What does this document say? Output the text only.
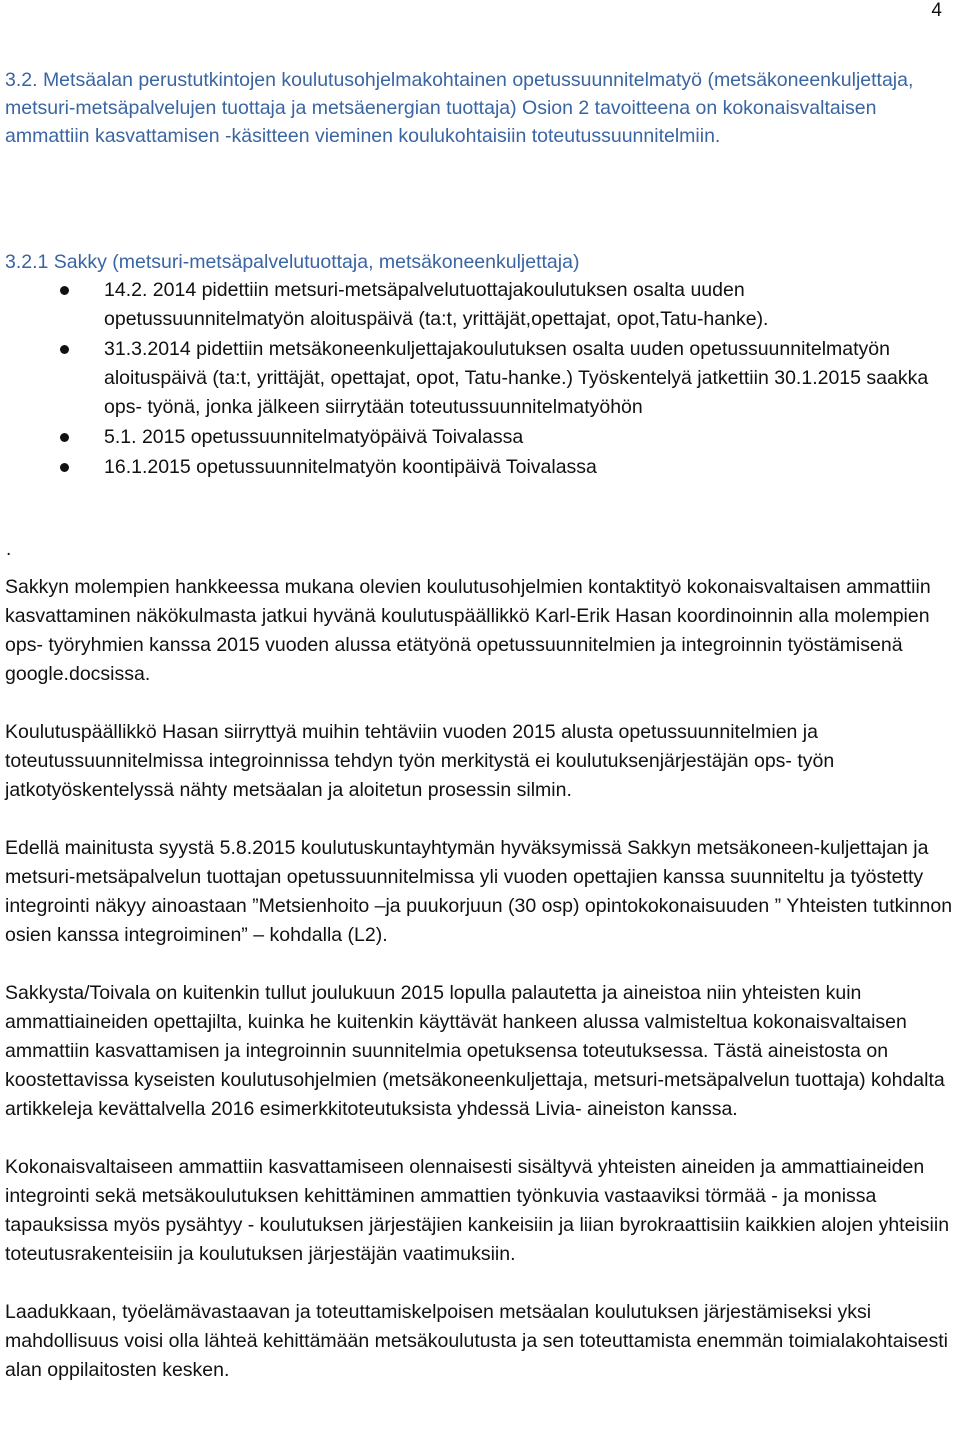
4
3.2. Metsäalan perustutkintojen koulutusohjelmakohtainen opetussuunnitelmatyö (metsäkoneenkuljettaja, metsuri-metsäpalvelujen tuottaja ja metsäenergian tuottaja) Osion 2 tavoitteena on kokonaisvaltaisen ammattiin kasvattamisen -käsitteen vieminen koulukohtaisiin toteutussuunnitelmiin.
3.2.1 Sakky (metsuri-metsäpalvelutuottaja, metsäkoneenkuljettaja)
14.2. 2014 pidettiin metsuri-metsäpalvelutuottajakoulutuksen osalta uuden opetussuunnitelmatyön aloituspäivä (ta:t, yrittäjät,opettajat, opot,Tatu-hanke).
31.3.2014 pidettiin metsäkoneenkuljettajakoulutuksen osalta uuden opetussuunnitelmatyön aloituspäivä (ta:t, yrittäjät, opettajat, opot, Tatu-hanke.) Työskentelyä jatkettiin 30.1.2015 saakka ops- työnä, jonka jälkeen siirrytään toteutussuunnitelmatyöhön
5.1. 2015 opetussuunnitelmatyöpäivä Toivalassa
16.1.2015 opetussuunnitelmatyön koontipäivä Toivalassa
.

Sakkyn molempien hankkeessa mukana olevien koulutusohjelmien kontaktityö kokonaisvaltaisen ammattiin kasvattaminen näkökulmasta jatkui hyvänä koulutuspäällikkö Karl-Erik Hasan koordinoinnin alla molempien ops- työryhmien kanssa 2015 vuoden alussa etätyönä opetussuunnitelmien ja integroinnin työstämisenä google.docsissa.

Koulutuspäällikkö Hasan siirryttyä muihin tehtäviin vuoden 2015 alusta opetussuunnitelmien ja toteutussuunnitelmissa integroinnissa tehdyn työn merkitystä ei koulutuksenjärjestäjän ops- työn jatkotyöskentelyssä nähty metsäalan ja aloitetun prosessin silmin.

Edellä mainitusta syystä 5.8.2015 koulutuskuntayhtymän hyväksymissä Sakkyn metsäkoneen-kuljettajan ja metsuri-metsäpalvelun tuottajan opetussuunnitelmissa yli vuoden opettajien kanssa suunniteltu ja työstetty integrointi näkyy ainoastaan ”Metsienhoito –ja puukorjuun (30 osp) opintokokonaisuuden ” Yhteisten tutkinnon osien kanssa integroiminen” – kohdalla (L2).

Sakkysta/Toivala on kuitenkin tullut joulukuun 2015 lopulla palautetta ja aineistoa niin yhteisten kuin ammattiaineiden opettajilta, kuinka he kuitenkin käyttävät hankeen alussa valmisteltua kokonaisvaltaisen ammattiin kasvattamisen ja integroinnin suunnitelmia opetuksensa toteutuksessa. Tästä aineistosta on koostettavissa kyseisten koulutusohjelmien (metsäkoneenkuljettaja, metsuri-metsäpalvelun tuottaja) kohdalta artikkeleja kevättalvella 2016 esimerkkitoteutuksista yhdessä Livia- aineiston kanssa.

Kokonaisvaltaiseen ammattiin kasvattamiseen olennaisesti sisältyvä yhteisten aineiden ja ammattiaineiden integrointi sekä metsäkoulutuksen kehittäminen ammattien työnkuvia vastaaviksi törmää - ja monissa tapauksissa myös pysähtyy - koulutuksen järjestäjien kankeisiin ja liian byrokraattisiin kaikkien alojen yhteisiin toteutusrakenteisiin ja koulutuksen järjestäjän vaatimuksiin.

Laadukkaan, työelämävastaavan ja toteuttamiskelpoisen metsäalan koulutuksen järjestämiseksi yksi mahdollisuus voisi olla lähteä kehittämään metsäkoulutusta ja sen toteuttamista enemmän toimialakohtaisesti alan oppilaitosten kesken.
